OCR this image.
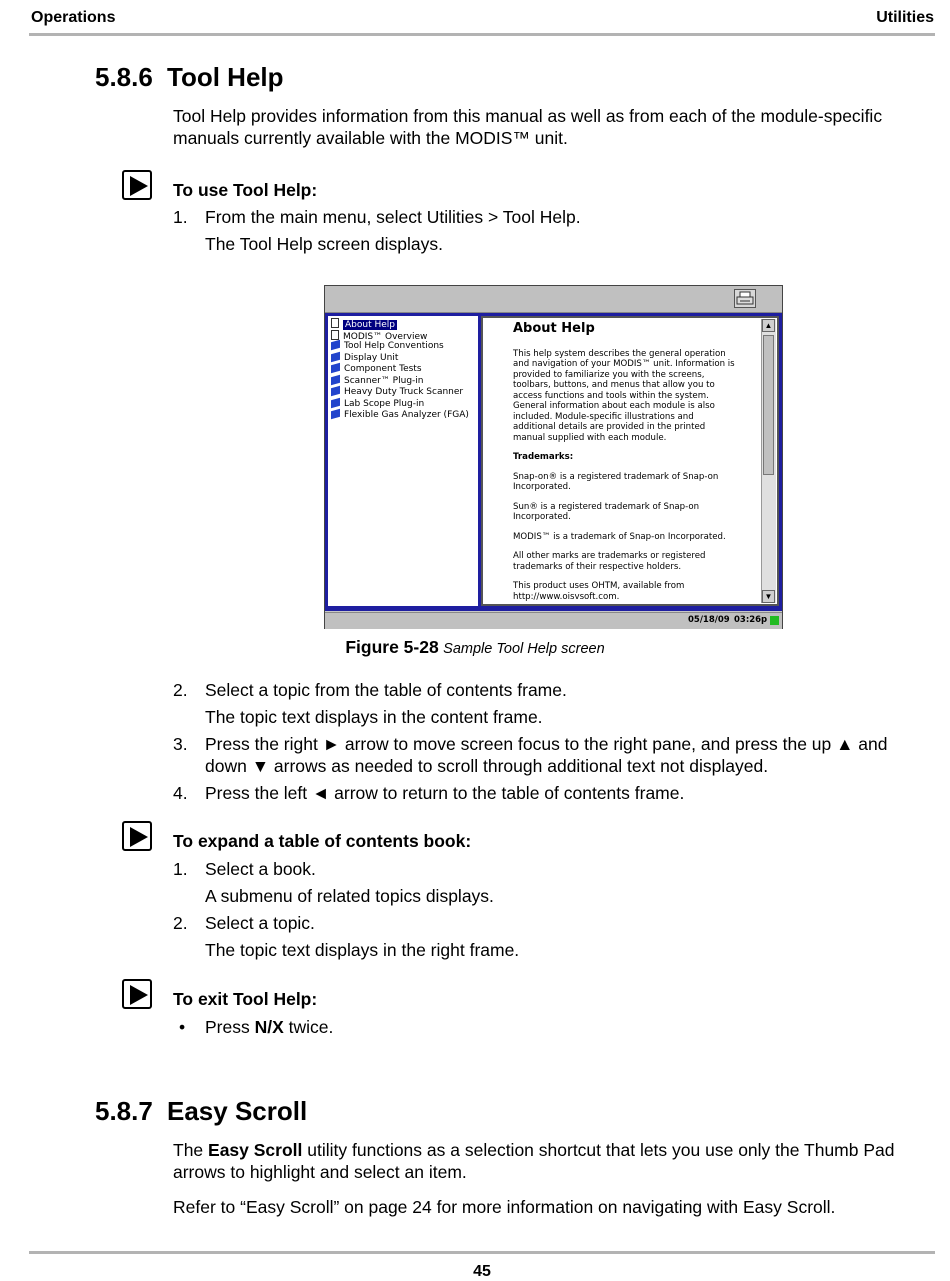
Operations	Utilities
5.8.6 Tool Help
Tool Help provides information from this manual as well as from each of the module-specific manuals currently available with the MODIS™ unit.
To use Tool Help:
1. From the main menu, select Utilities > Tool Help.
The Tool Help screen displays.
About Help
MODIS™ Overview
Tool Help Conventions
Display Unit
Component Tests
Scanner™ Plug-in
Heavy Duty Truck Scanner
Lab Scope Plug-in
Flexible Gas Analyzer (FGA)
About Help

This help system describes the general operation and navigation of your MODIS™ unit. Information is provided to familiarize you with the screens, toolbars, buttons, and menus that allow you to access functions and tools within the system. General information about each module is also included. Module-specific illustrations and additional details are provided in the printed manual supplied with each module.

Trademarks:

Snap-on® is a registered trademark of Snap-on Incorporated.

Sun® is a registered trademark of Snap-on Incorporated.

MODIS™ is a trademark of Snap-on Incorporated.

All other marks are trademarks or registered trademarks of their respective holders.

This product uses OHTM, available from http://www.oisvsoft.com.

▲
▼
05/18/09 03:26p
Figure 5-28 Sample Tool Help screen
2. Select a topic from the table of contents frame.
The topic text displays in the content frame.
3. Press the right ► arrow to move screen focus to the right pane, and press the up ▲ and down ▼ arrows as needed to scroll through additional text not displayed.
4. Press the left ◄ arrow to return to the table of contents frame.
To expand a table of contents book:
1. Select a book.
A submenu of related topics displays.
2. Select a topic.
The topic text displays in the right frame.
To exit Tool Help:
• Press N/X twice.
5.8.7 Easy Scroll
The Easy Scroll utility functions as a selection shortcut that lets you use only the Thumb Pad arrows to highlight and select an item.
Refer to “Easy Scroll” on page 24 for more information on navigating with Easy Scroll.
45
